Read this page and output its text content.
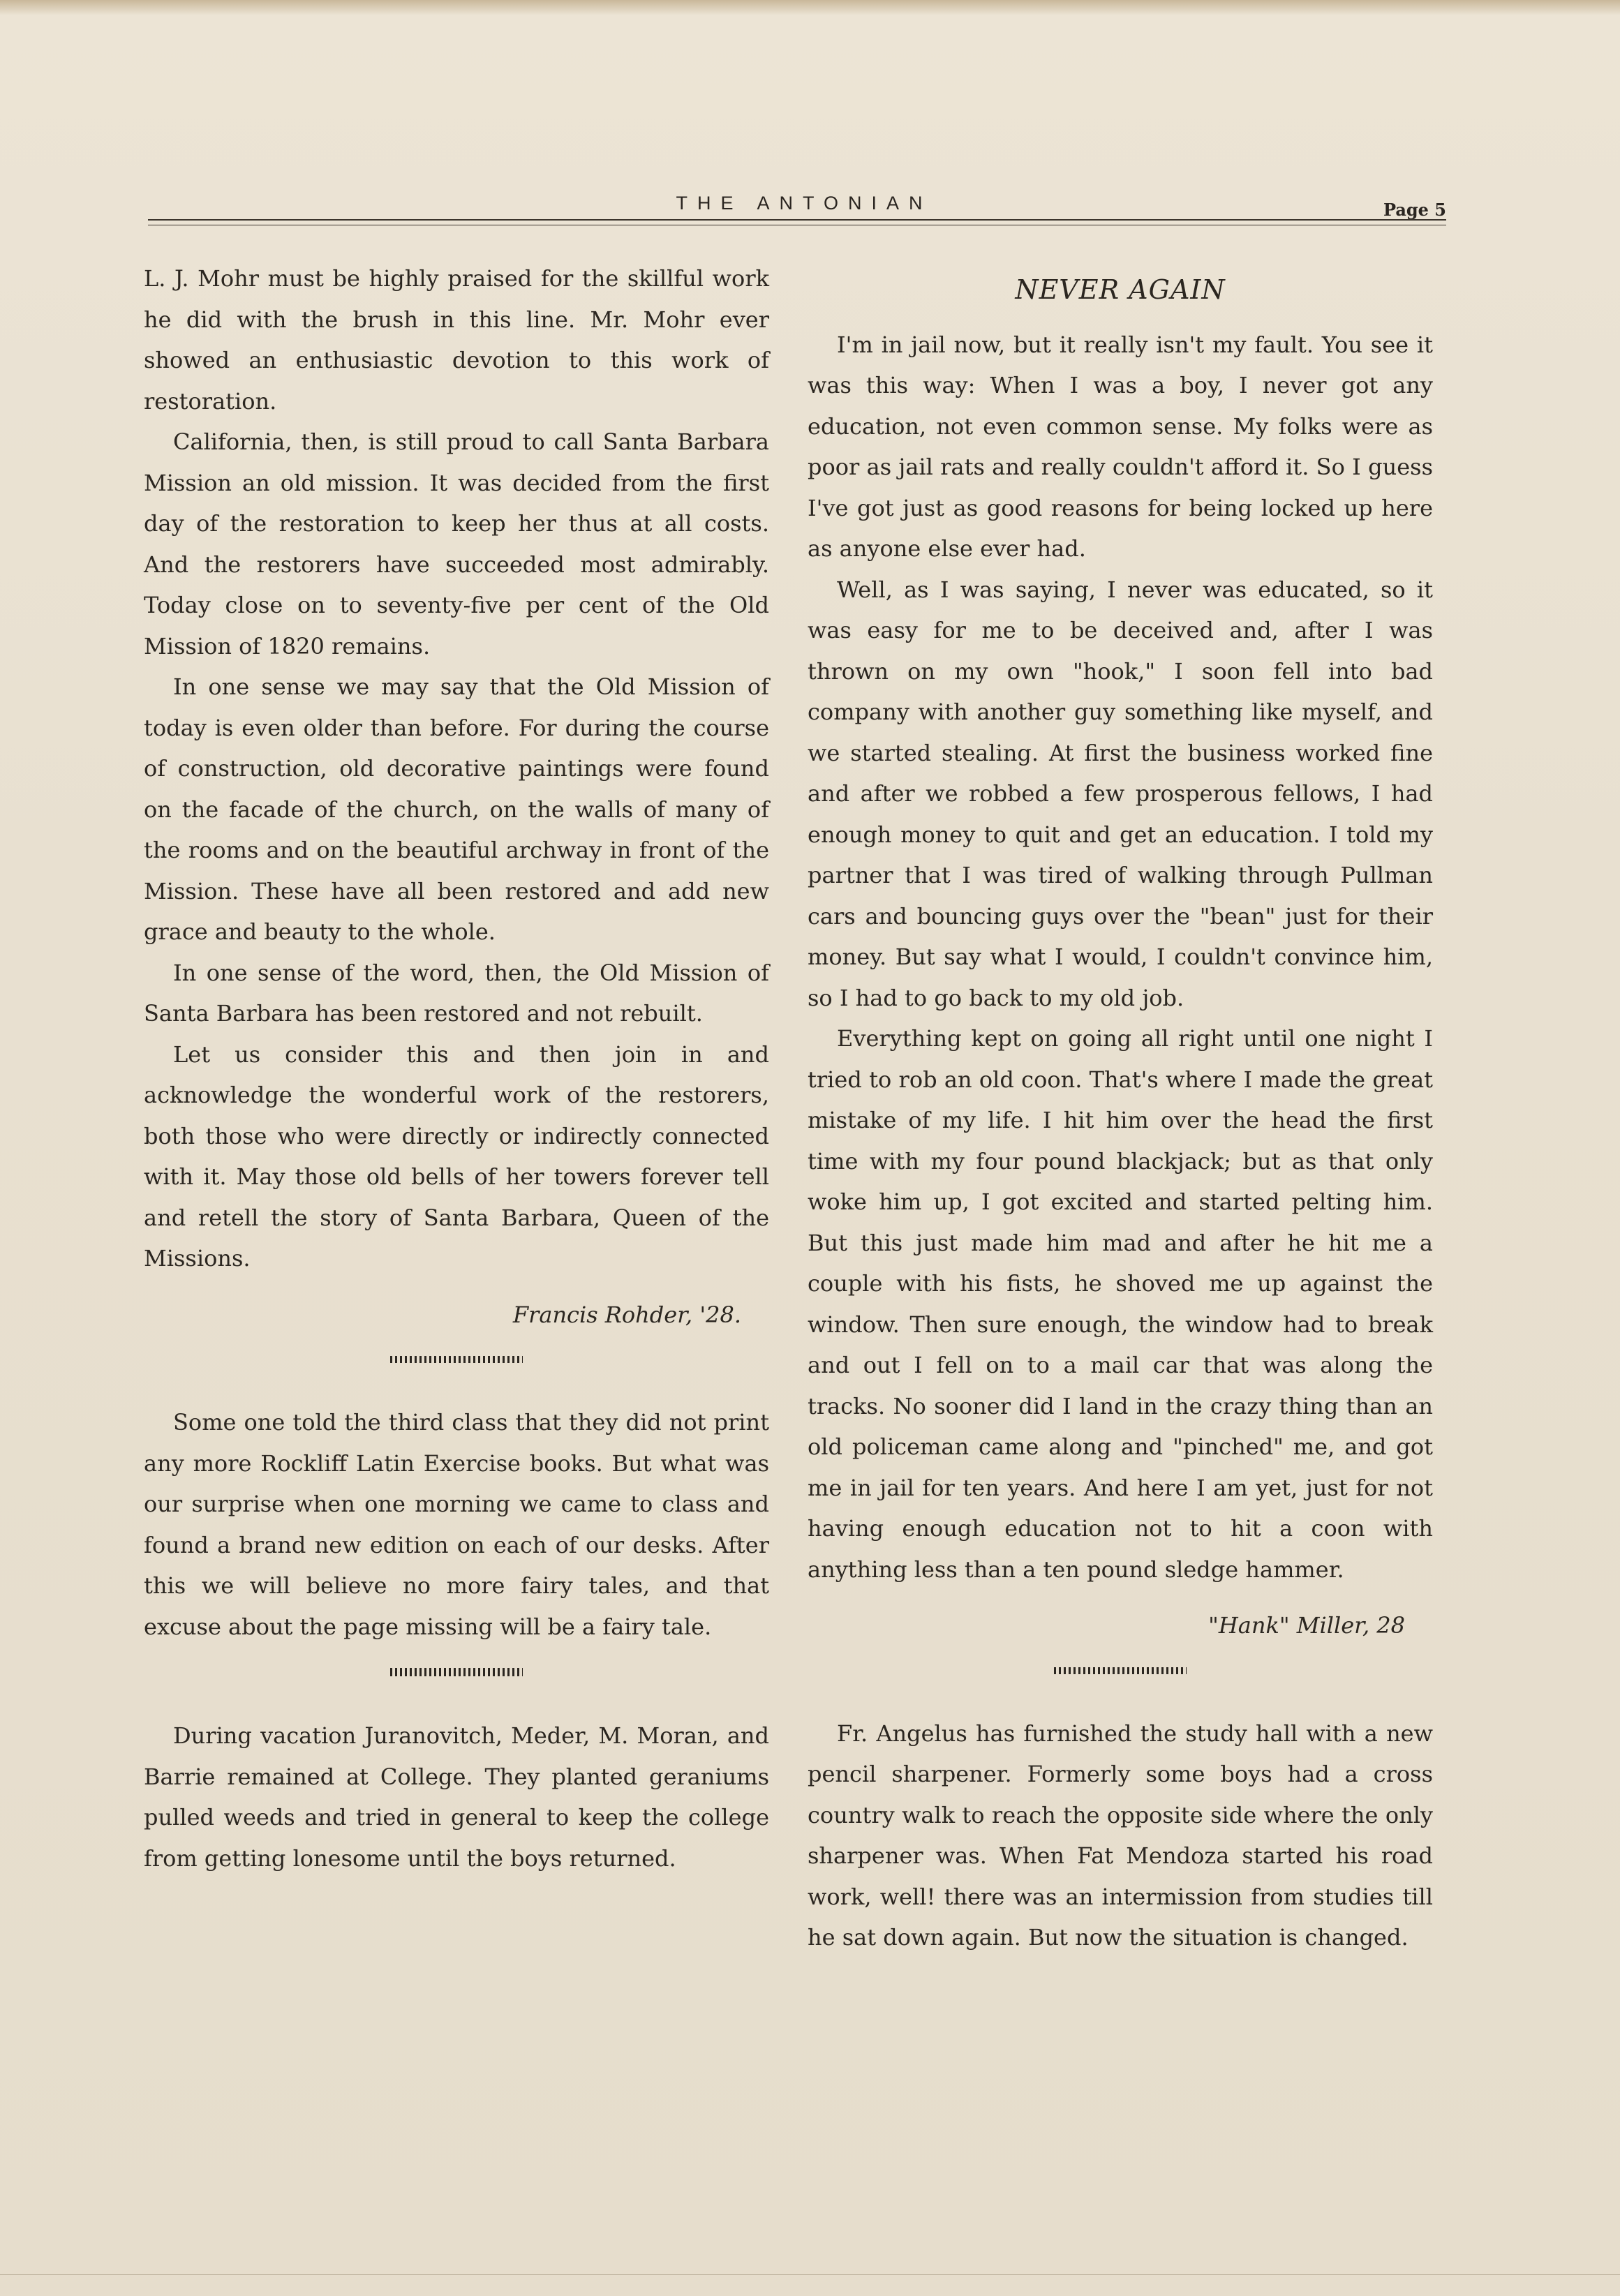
THE ANTONIAN	Page 5

L. J. Mohr must be highly praised for the skillful work he did with the brush in this line. Mr. Mohr ever showed an enthusiastic devotion to this work of restoration.

California, then, is still proud to call Santa Barbara Mission an old mission. It was decided from the first day of the restoration to keep her thus at all costs. And the restorers have succeeded most admirably. Today close on to seventy-five per cent of the Old Mission of 1820 remains.

In one sense we may say that the Old Mission of today is even older than before. For during the course of construction, old decorative paintings were found on the facade of the church, on the walls of many of the rooms and on the beautiful archway in front of the Mission. These have all been restored and add new grace and beauty to the whole.

In one sense of the word, then, the Old Mission of Santa Barbara has been restored and not rebuilt.

Let us consider this and then join in and acknowledge the wonderful work of the restorers, both those who were directly or indirectly connected with it. May those old bells of her towers forever tell and retell the story of Santa Barbara, Queen of the Missions.

Francis Rohder, '28.

Some one told the third class that they did not print any more Rockliff Latin Exercise books. But what was our surprise when one morning we came to class and found a brand new edition on each of our desks. After this we will believe no more fairy tales, and that excuse about the page missing will be a fairy tale.

During vacation Juranovitch, Meder, M. Moran, and Barrie remained at College. They planted geraniums pulled weeds and tried in general to keep the college from getting lonesome until the boys returned.

NEVER AGAIN

I'm in jail now, but it really isn't my fault. You see it was this way: When I was a boy, I never got any education, not even common sense. My folks were as poor as jail rats and really couldn't afford it. So I guess I've got just as good reasons for being locked up here as anyone else ever had.

Well, as I was saying, I never was educated, so it was easy for me to be deceived and, after I was thrown on my own "hook," I soon fell into bad company with another guy something like myself, and we started stealing. At first the business worked fine and after we robbed a few prosperous fellows, I had enough money to quit and get an education. I told my partner that I was tired of walking through Pullman cars and bouncing guys over the "bean" just for their money. But say what I would, I couldn't convince him, so I had to go back to my old job.

Everything kept on going all right until one night I tried to rob an old coon. That's where I made the great mistake of my life. I hit him over the head the first time with my four pound blackjack; but as that only woke him up, I got excited and started pelting him. But this just made him mad and after he hit me a couple with his fists, he shoved me up against the window. Then sure enough, the window had to break and out I fell on to a mail car that was along the tracks. No sooner did I land in the crazy thing than an old policeman came along and "pinched" me, and got me in jail for ten years. And here I am yet, just for not having enough education not to hit a coon with anything less than a ten pound sledge hammer.

"Hank" Miller, 28

Fr. Angelus has furnished the study hall with a new pencil sharpener. Formerly some boys had a cross country walk to reach the opposite side where the only sharpener was. When Fat Mendoza started his road work, well! there was an intermission from studies till he sat down again. But now the situation is changed.
